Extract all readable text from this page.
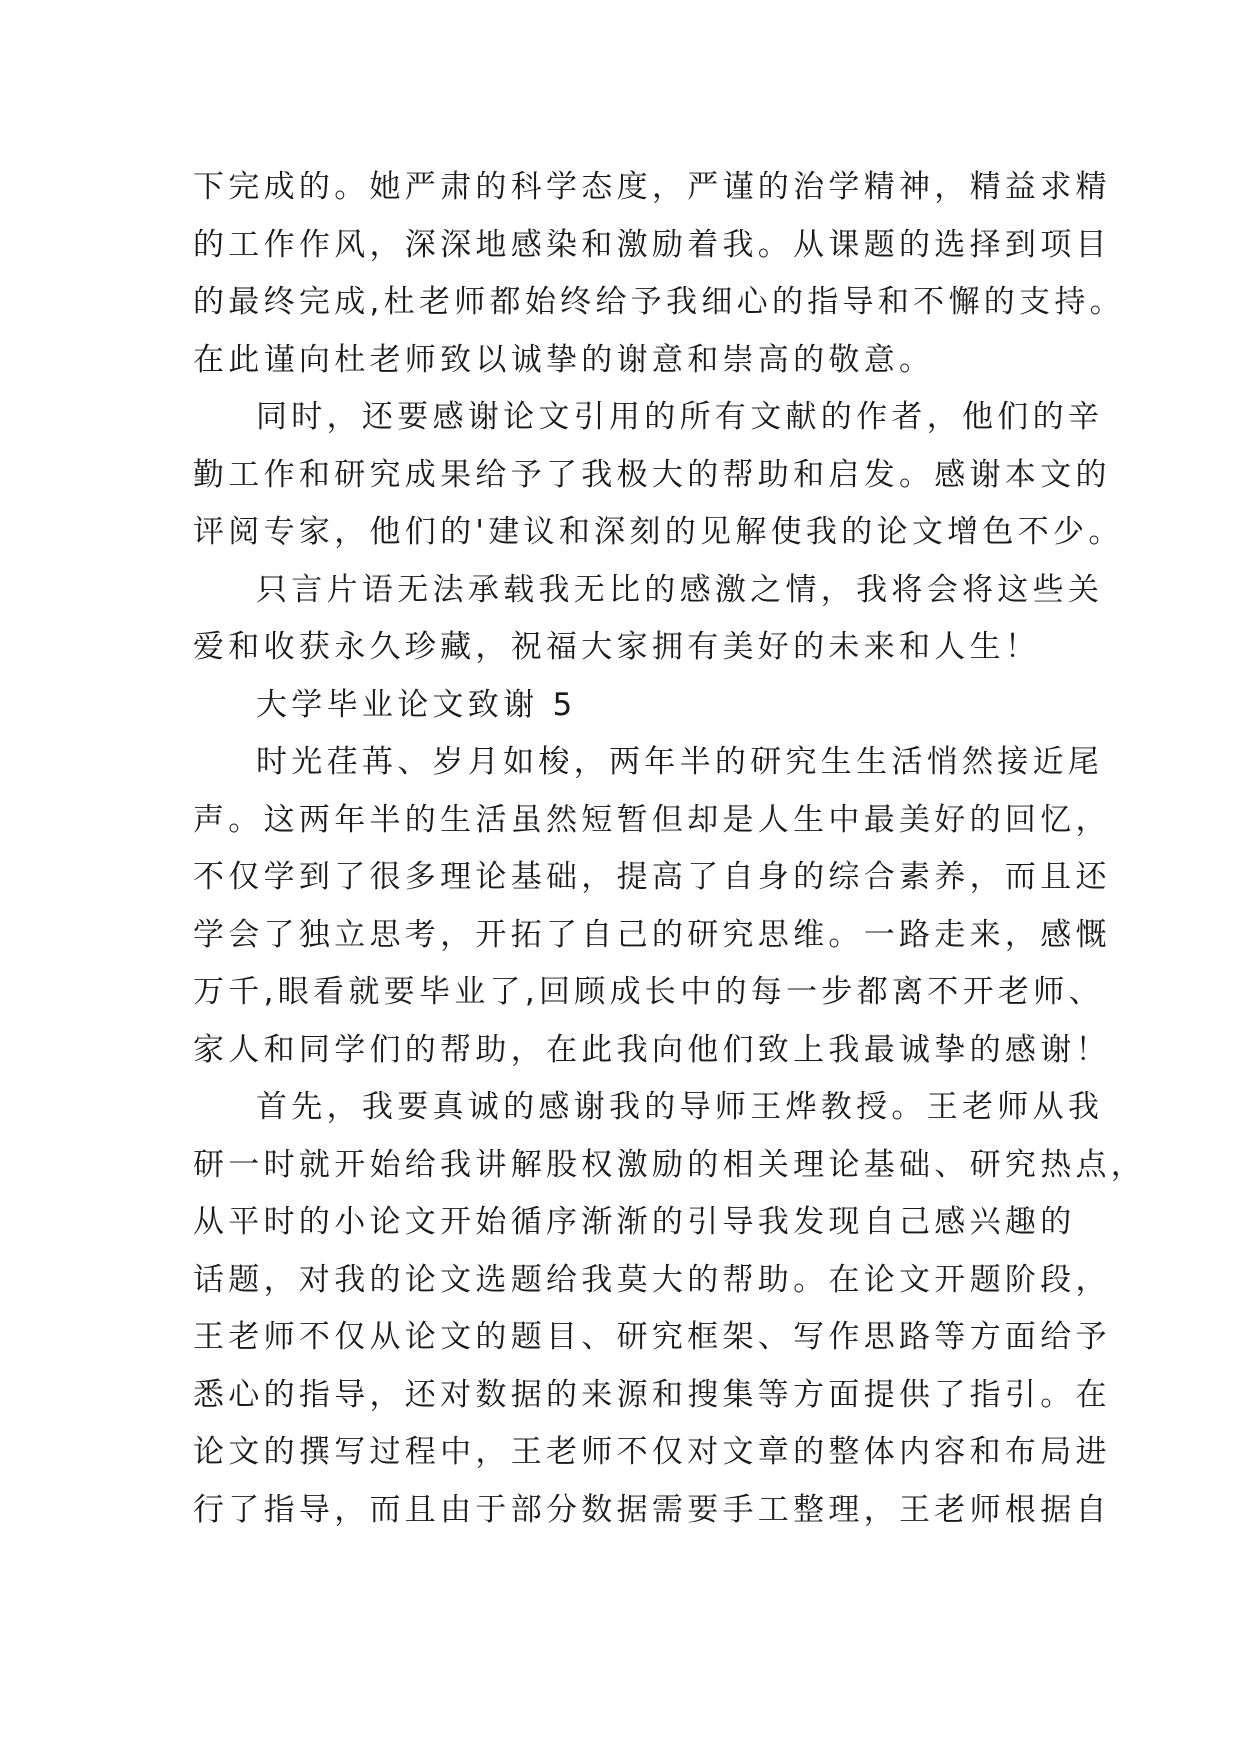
下完成的。她严肃的科学态度，严谨的治学精神，精益求精
的工作作风，深深地感染和激励着我。从课题的选择到项目
的最终完成,杜老师都始终给予我细心的指导和不懈的支持。
在此谨向杜老师致以诚挚的谢意和崇高的敬意。
同时，还要感谢论文引用的所有文献的作者，他们的辛
勤工作和研究成果给予了我极大的帮助和启发。感谢本文的
评阅专家，他们的'建议和深刻的见解使我的论文增色不少。
只言片语无法承载我无比的感激之情，我将会将这些关
爱和收获永久珍藏，祝福大家拥有美好的未来和人生！
大学毕业论文致谢 5
时光荏苒、岁月如梭，两年半的研究生生活悄然接近尾
声。这两年半的生活虽然短暂但却是人生中最美好的回忆，
不仅学到了很多理论基础，提高了自身的综合素养，而且还
学会了独立思考，开拓了自己的研究思维。一路走来，感慨
万千,眼看就要毕业了,回顾成长中的每一步都离不开老师、
家人和同学们的帮助，在此我向他们致上我最诚挚的感谢！
首先，我要真诚的感谢我的导师王烨教授。王老师从我
研一时就开始给我讲解股权激励的相关理论基础、研究热点，
从平时的小论文开始循序渐渐的引导我发现自己感兴趣的
话题，对我的论文选题给我莫大的帮助。在论文开题阶段，
王老师不仅从论文的题目、研究框架、写作思路等方面给予
悉心的指导，还对数据的来源和搜集等方面提供了指引。在
论文的撰写过程中，王老师不仅对文章的整体内容和布局进
行了指导，而且由于部分数据需要手工整理，王老师根据自
